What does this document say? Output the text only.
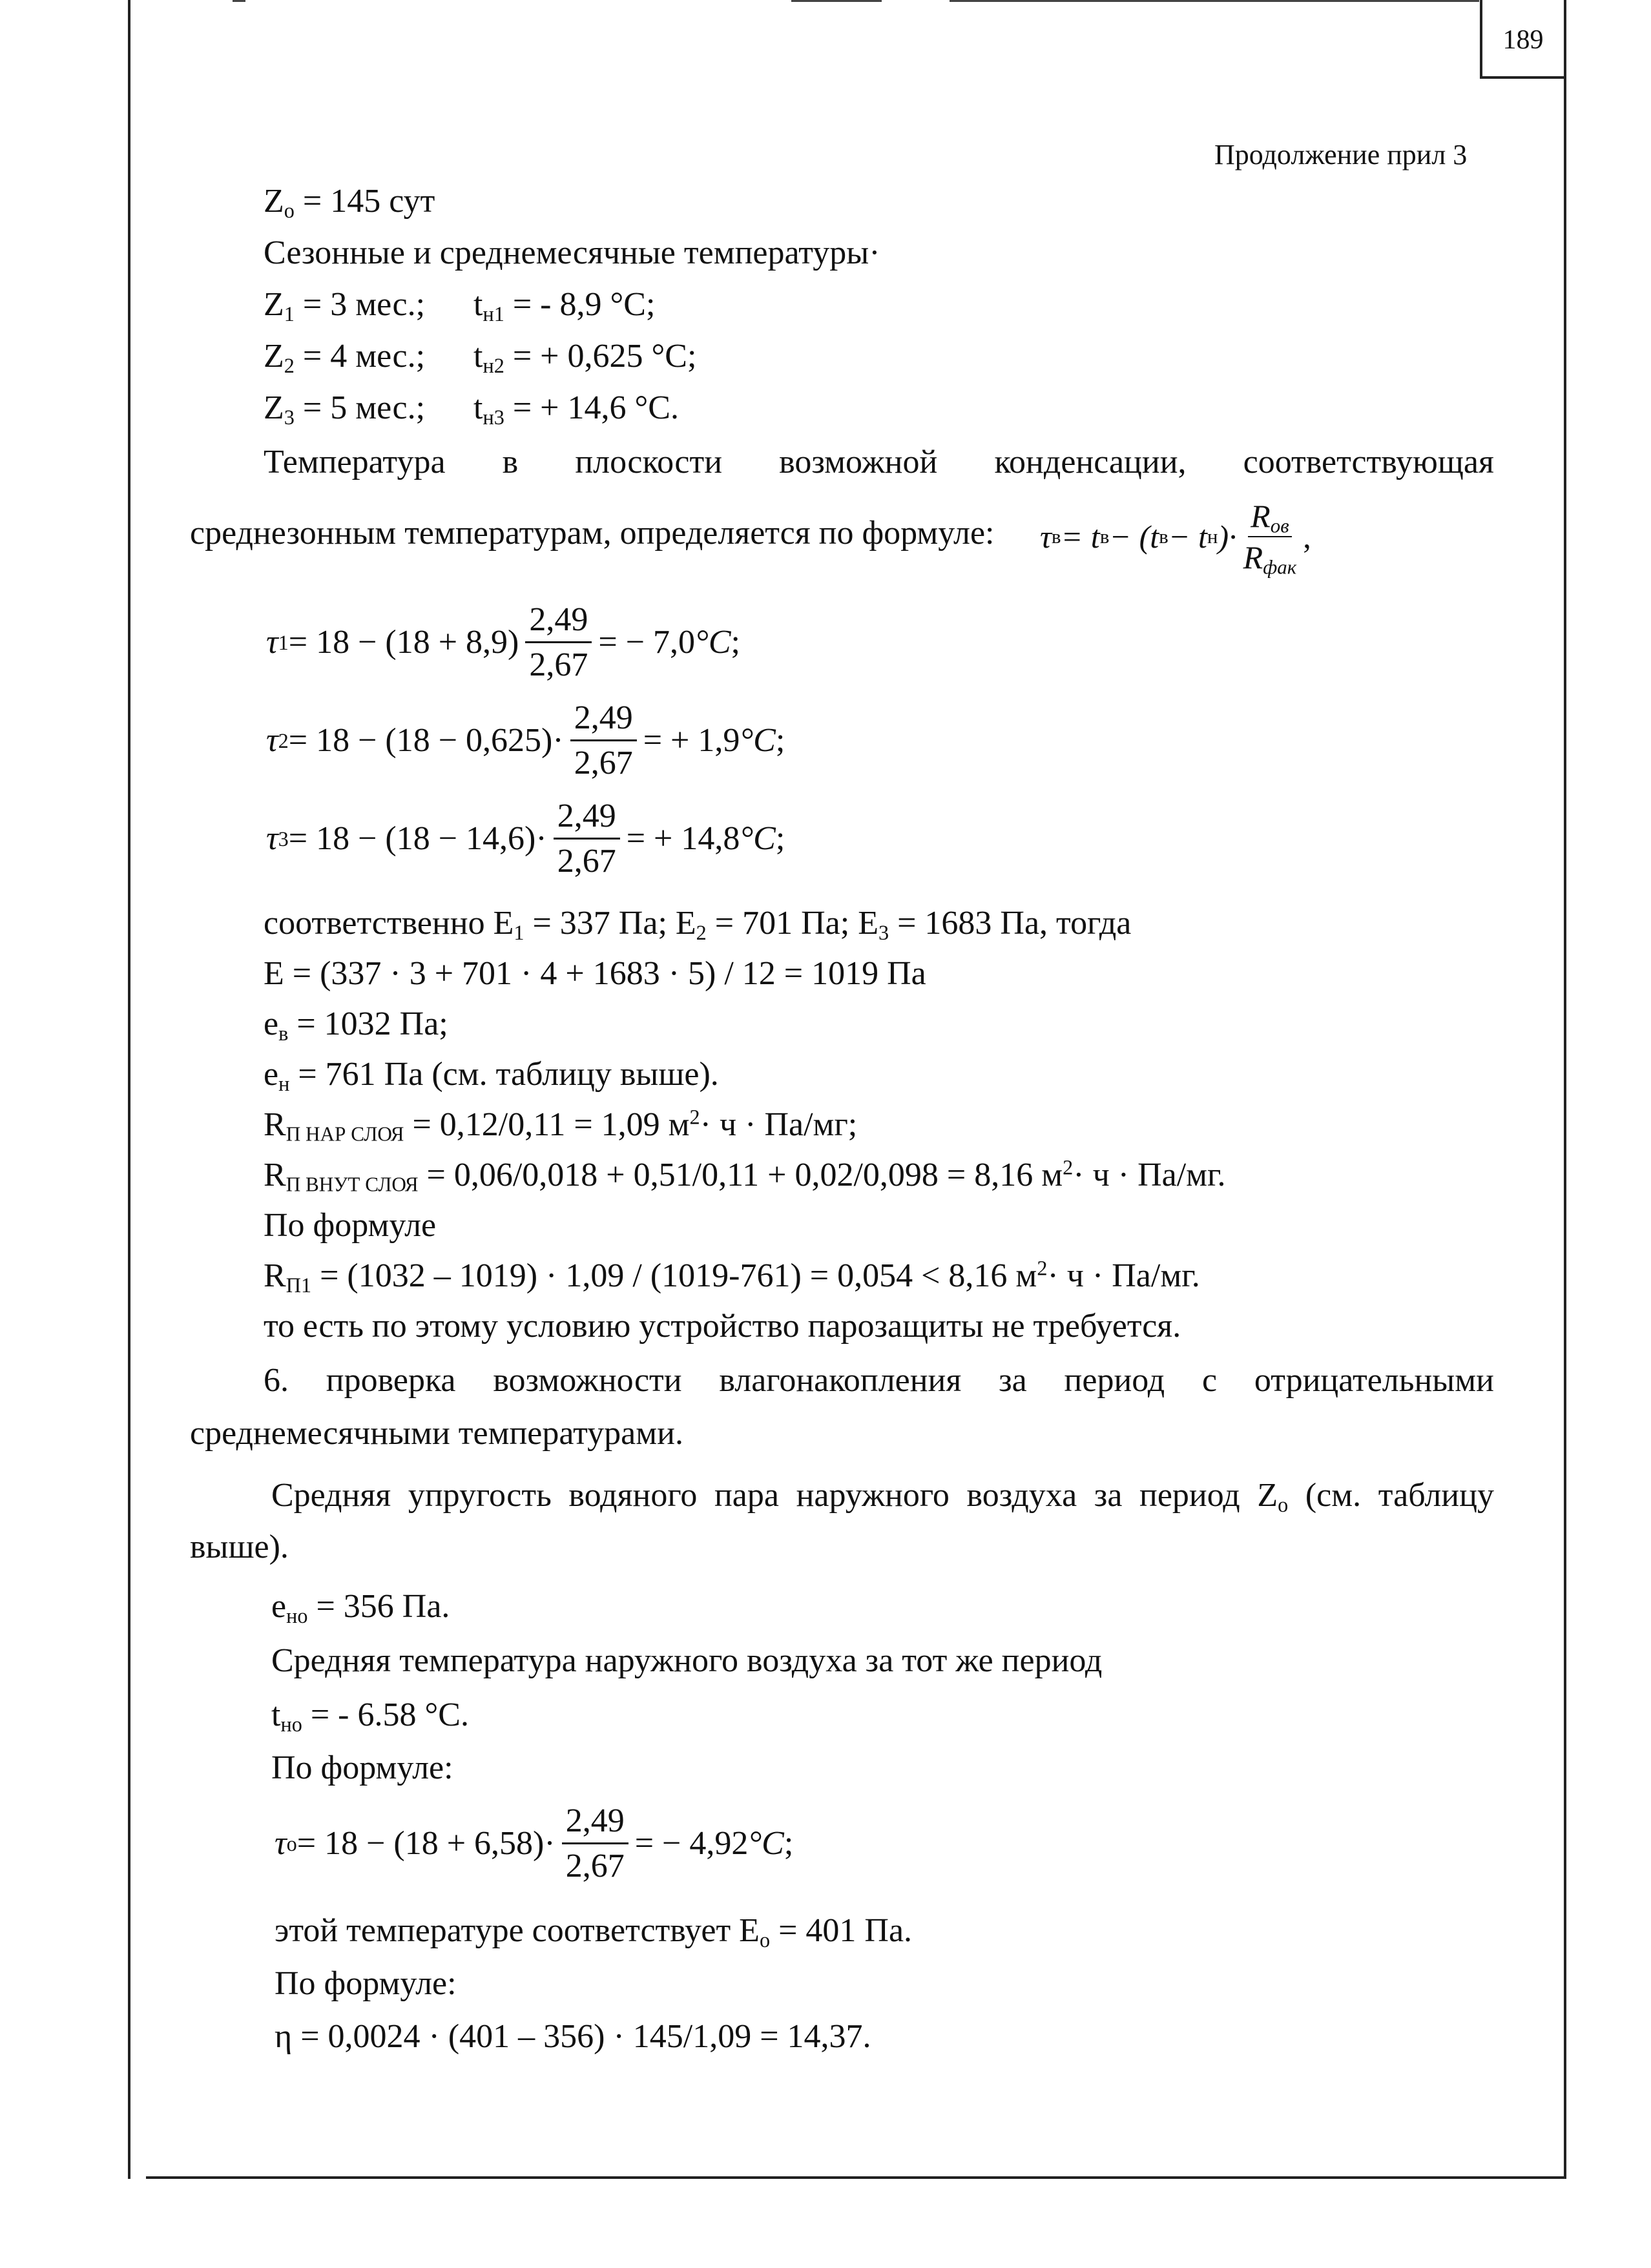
189
Продолжение прил 3
$Z_o = 145$ сут
Сезонные и среднемесячные температуры·
$Z_1 = 3$ мес.; $t_{н1}$ = - 8,9 °C;
$Z_2 = 4$ мес.; $t_{н2}$ = + 0,625 °C;
$Z_3 = 5$ мес.; $t_{н3}$ = + 14,6 °C.
Температура в плоскости возможной конденсации, соответствующая
среднезонным температурам, определяется по формуле: τ в = t в − (t в − t н )· $\frac{R_{ов}}{R_{фак}}$ ,
τ $1 = 18 - (18 + 8,9) \frac{2,49}{2,67}$ = − 7,0 °C ;
τ $2 = 18 - (18 - 0,625)\cdot \frac{2,49}{2,67}$ = + 1,9 °C ;
τ $3 = 18 - (18 - 14,6)\cdot \frac{2,49}{2,67}$ = + 14,8 °C ;
соответственно $E_1 = 337$ Па; $E_2 = 701$ Па; $E_3 = 1683$ Па, тогда
E = (337 · 3 + 701 · 4 + 1683 · 5) / 12 = 1019 Па
$e_в = 1032$ Па;
$e_н = 761$ Па (см. таблицу выше).
$R_{П НАР СЛОЯ} = 0,12/0,11 = 1,09$ $м^2\cdot ч \cdot Па/мг$;
$R_{П ВНУТ СЛОЯ} = 0,06/0,018 + 0,51/0,11 + 0,02/0,098 = 8,16$ $м^2\cdot ч \cdot Па/мг$.
По формуле
$R_{П1} = (1032 - 1019) \cdot 1,09 / (1019-761) = 0,054 < 8,16$ $м^2\cdot ч \cdot Па/мг$.
то есть по этому условию устройство парозащиты не требуется.
6. проверка возможности влагонакопления за период с отрицательными
среднемесячными температурами.
Средняя упругость водяного пара наружного воздуха за период $Z_о$ (см. таблицу
выше).
$e_{но} = 356$ Па.
Средняя температура наружного воздуха за тот же период
$t_{но}$ = - 6.58 °C.
По формуле:
τ $o = 18 - (18 + 6,58)\cdot \frac{2,49}{2,67}$ = − 4,92 °C ;
этой температуре соответствует $E_o = 401$ Па.
По формуле:
η = 0,0024 · (401 – 356) · 145/1,09 = 14,37.
